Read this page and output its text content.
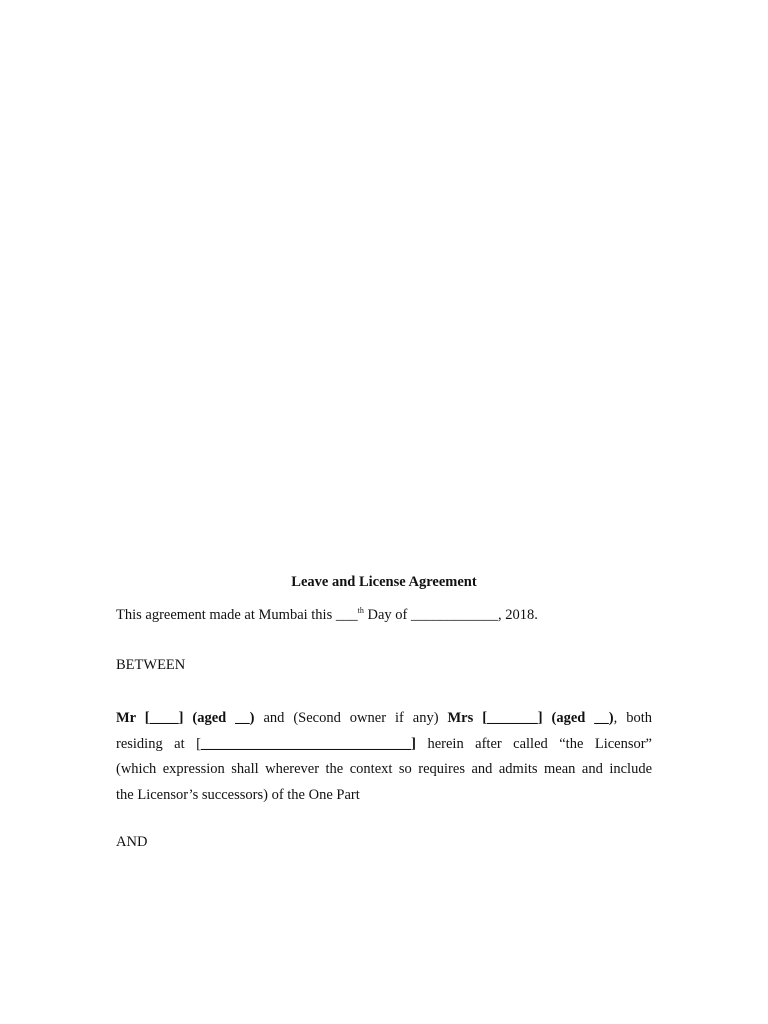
Leave and License Agreement
This agreement made at Mumbai this ___$^{th}$ Day of ____________, 2018.
BETWEEN
Mr [____] (aged __) and (Second owner if any) Mrs [_______] (aged __), both
residing at [_____________________________] herein after called “the Licensor”
(which expression shall wherever the context so requires and admits mean and include
the Licensor’s successors) of the One Part
AND
